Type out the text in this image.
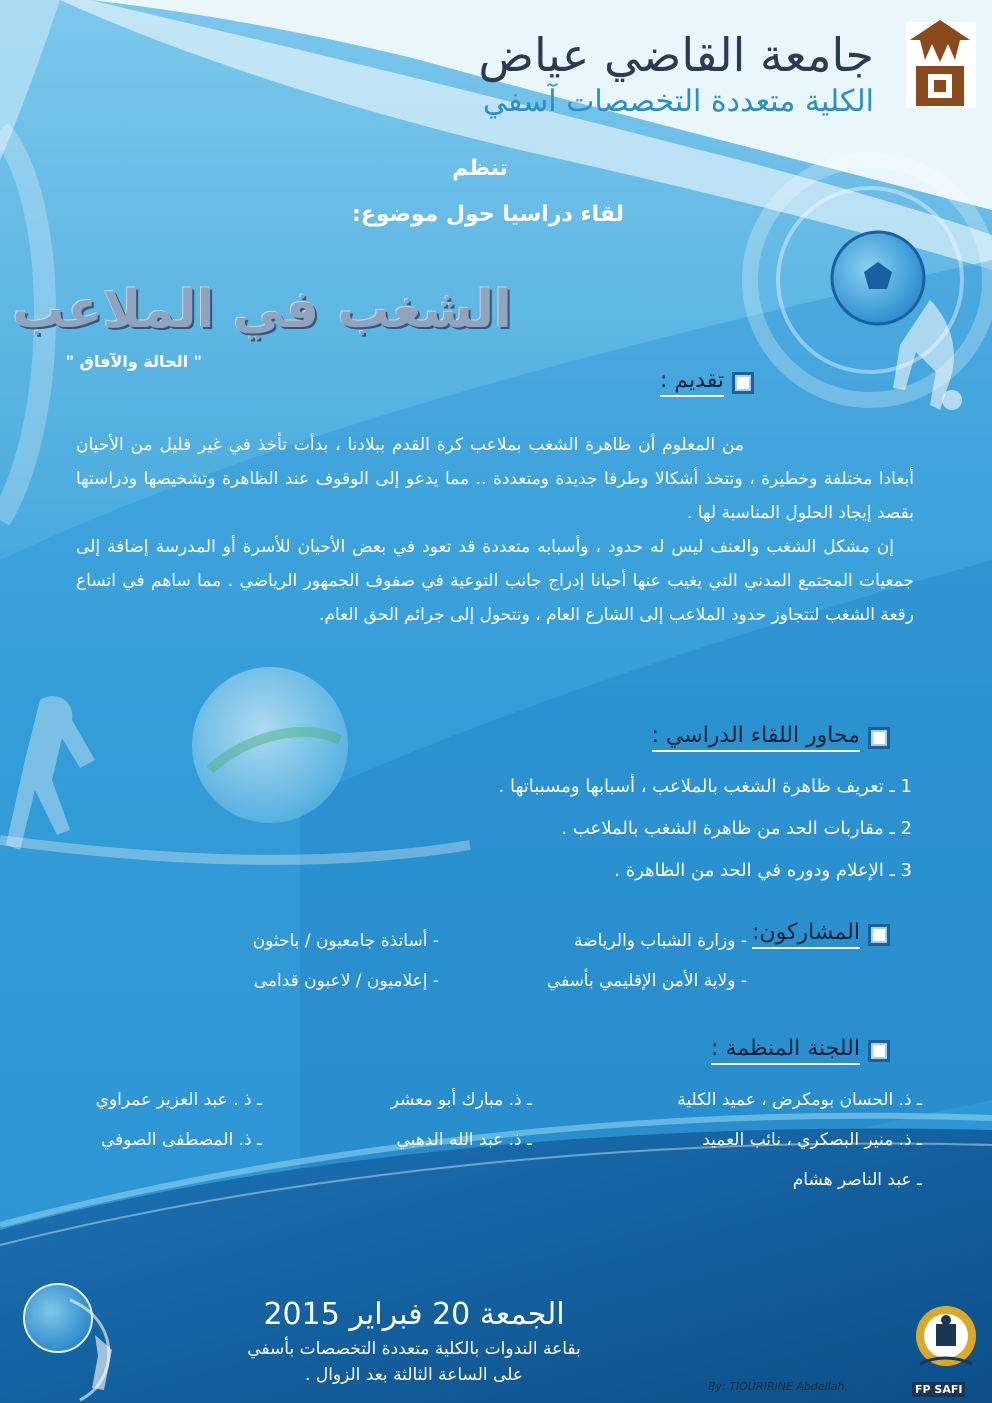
جامعة القاضي عياض
الكلية متعددة التخصصات آسفي
تنظم
لقاء دراسيا حول موضوع:
الشغب في الملاعب
" الحالة والآفاق "
تقديم :

من المعلوم أن ظاهرة الشغب بملاعب كرة القدم ببلادنا ، بدأت تأخذ في غير قليل من الأحيان أبعادا مختلفة وخطيرة ، وتتخذ أشكالا وطرقا جديدة ومتعددة .. مما يدعو إلى الوقوف عند الظاهرة وتشخيصها ودراستها بقصد إيجاد الحلول المناسبة لها .

إن مشكل الشغب والعنف ليس له حدود ، وأسبابه متعددة قد تعود في بعض الأحيان للأسرة أو المدرسة إضافة إلى جمعيات المجتمع المدني التي يغيب عنها أحيانا إدراج جانب التوعية في صفوف الجمهور الرياضي . مما ساهم في اتساع رقعة الشغب لتتجاوز حدود الملاعب إلى الشارع العام ، وتتحول إلى جرائم الحق العام.

محاور اللقاء الدراسي :
1 ـ تعريف ظاهرة الشغب بالملاعب ، أسبابها ومسبباتها .
2 ـ مقاربات الحد من ظاهرة الشغب بالملاعب .
3 ـ الإعلام ودوره في الحد من الظاهرة .
المشاركون:
- وزارة الشباب والرياضة
- ولاية الأمن الإقليمي بأسفي
- أساتذة جامعيون / باحثون
- إعلاميون / لاعبون قدامى
اللجنة المنظمة :
ـ ذ. الحسان بومكرض ، عميد الكلية
ـ ذ. منير البصكري ، نائب العميد
ـ عبد الناصر هشام
ـ ذ. مبارك أبو معشر
ـ ذ. عبد الله الدهبي
ـ ذ . عبد العزيز عمراوي
ـ ذ. المصطفى الصوفي
الجمعة 20 فبراير 2015
بقاعة الندوات بالكلية متعددة التخصصات بأسفي
على الساعة الثالثة بعد الزوال .
By: TIOURIRINE Abdellah	FP SAFI
